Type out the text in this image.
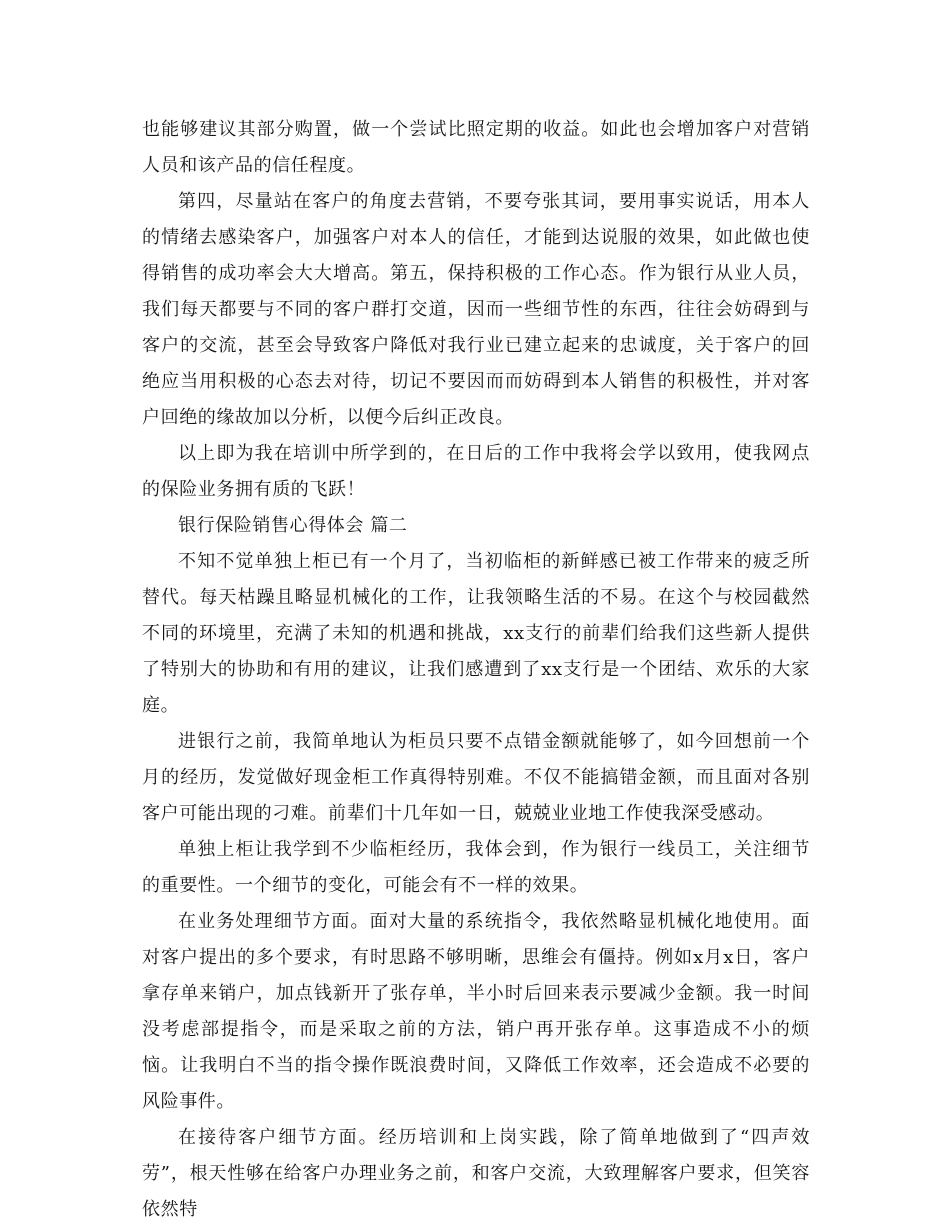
也能够建议其部分购置，做一个尝试比照定期的收益。如此也会增加客户对营销人员和该产品的信任程度。

第四，尽量站在客户的角度去营销，不要夸张其词，要用事实说话，用本人的情绪去感染客户，加强客户对本人的信任，才能到达说服的效果，如此做也使得销售的成功率会大大增高。第五，保持积极的工作心态。作为银行从业人员，我们每天都要与不同的客户群打交道，因而一些细节性的东西，往往会妨碍到与客户的交流，甚至会导致客户降低对我行业已建立起来的忠诚度，关于客户的回绝应当用积极的心态去对待，切记不要因而而妨碍到本人销售的积极性，并对客户回绝的缘故加以分析，以便今后纠正改良。

以上即为我在培训中所学到的，在日后的工作中我将会学以致用，使我网点的保险业务拥有质的飞跃！

银行保险销售心得体会 篇二

不知不觉单独上柜已有一个月了，当初临柜的新鲜感已被工作带来的疲乏所替代。每天枯躁且略显机械化的工作，让我领略生活的不易。在这个与校园截然不同的环境里，充满了未知的机遇和挑战，xx支行的前辈们给我们这些新人提供了特别大的协助和有用的建议，让我们感遭到了xx支行是一个团结、欢乐的大家庭。

进银行之前，我简单地认为柜员只要不点错金额就能够了，如今回想前一个月的经历，发觉做好现金柜工作真得特别难。不仅不能搞错金额，而且面对各别客户可能出现的刁难。前辈们十几年如一日，兢兢业业地工作使我深受感动。

单独上柜让我学到不少临柜经历，我体会到，作为银行一线员工，关注细节的重要性。一个细节的变化，可能会有不一样的效果。

在业务处理细节方面。面对大量的系统指令，我依然略显机械化地使用。面对客户提出的多个要求，有时思路不够明晰，思维会有僵持。例如x月x日，客户拿存单来销户，加点钱新开了张存单，半小时后回来表示要减少金额。我一时间没考虑部提指令，而是采取之前的方法，销户再开张存单。这事造成不小的烦恼。让我明白不当的指令操作既浪费时间，又降低工作效率，还会造成不必要的风险事件。

在接待客户细节方面。经历培训和上岗实践，除了简单地做到了“四声效劳”，根天性够在给客户办理业务之前，和客户交流，大致理解客户要求，但笑容依然特
